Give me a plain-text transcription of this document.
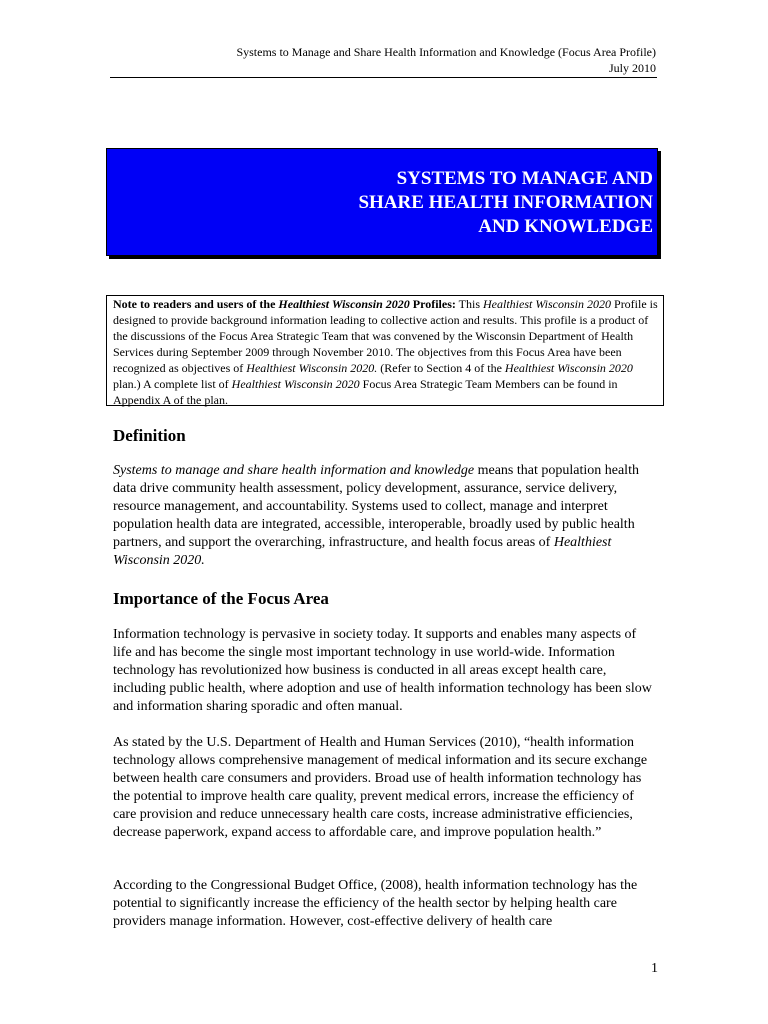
Systems to Manage and Share Health Information and Knowledge (Focus Area Profile)
July 2010
SYSTEMS TO MANAGE AND
SHARE HEALTH INFORMATION
AND KNOWLEDGE

Note to readers and users of the Healthiest Wisconsin 2020 Profiles: This Healthiest Wisconsin 2020 Profile is designed to provide background information leading to collective action and results. This profile is a product of the discussions of the Focus Area Strategic Team that was convened by the Wisconsin Department of Health Services during September 2009 through November 2010. The objectives from this Focus Area have been recognized as objectives of Healthiest Wisconsin 2020. (Refer to Section 4 of the Healthiest Wisconsin 2020 plan.) A complete list of Healthiest Wisconsin 2020 Focus Area Strategic Team Members can be found in Appendix A of the plan.

Definition

Systems to manage and share health information and knowledge means that population health data drive community health assessment, policy development, assurance, service delivery, resource management, and accountability. Systems used to collect, manage and interpret population health data are integrated, accessible, interoperable, broadly used by public health partners, and support the overarching, infrastructure, and health focus areas of Healthiest Wisconsin 2020.

Importance of the Focus Area

Information technology is pervasive in society today. It supports and enables many aspects of life and has become the single most important technology in use world-wide. Information technology has revolutionized how business is conducted in all areas except health care, including public health, where adoption and use of health information technology has been slow and information sharing sporadic and often manual.

As stated by the U.S. Department of Health and Human Services (2010), “health information technology allows comprehensive management of medical information and its secure exchange between health care consumers and providers. Broad use of health information technology has the potential to improve health care quality, prevent medical errors, increase the efficiency of care provision and reduce unnecessary health care costs, increase administrative efficiencies, decrease paperwork, expand access to affordable care, and improve population health.”

According to the Congressional Budget Office, (2008), health information technology has the potential to significantly increase the efficiency of the health sector by helping health care providers manage information. However, cost-effective delivery of health care

1
